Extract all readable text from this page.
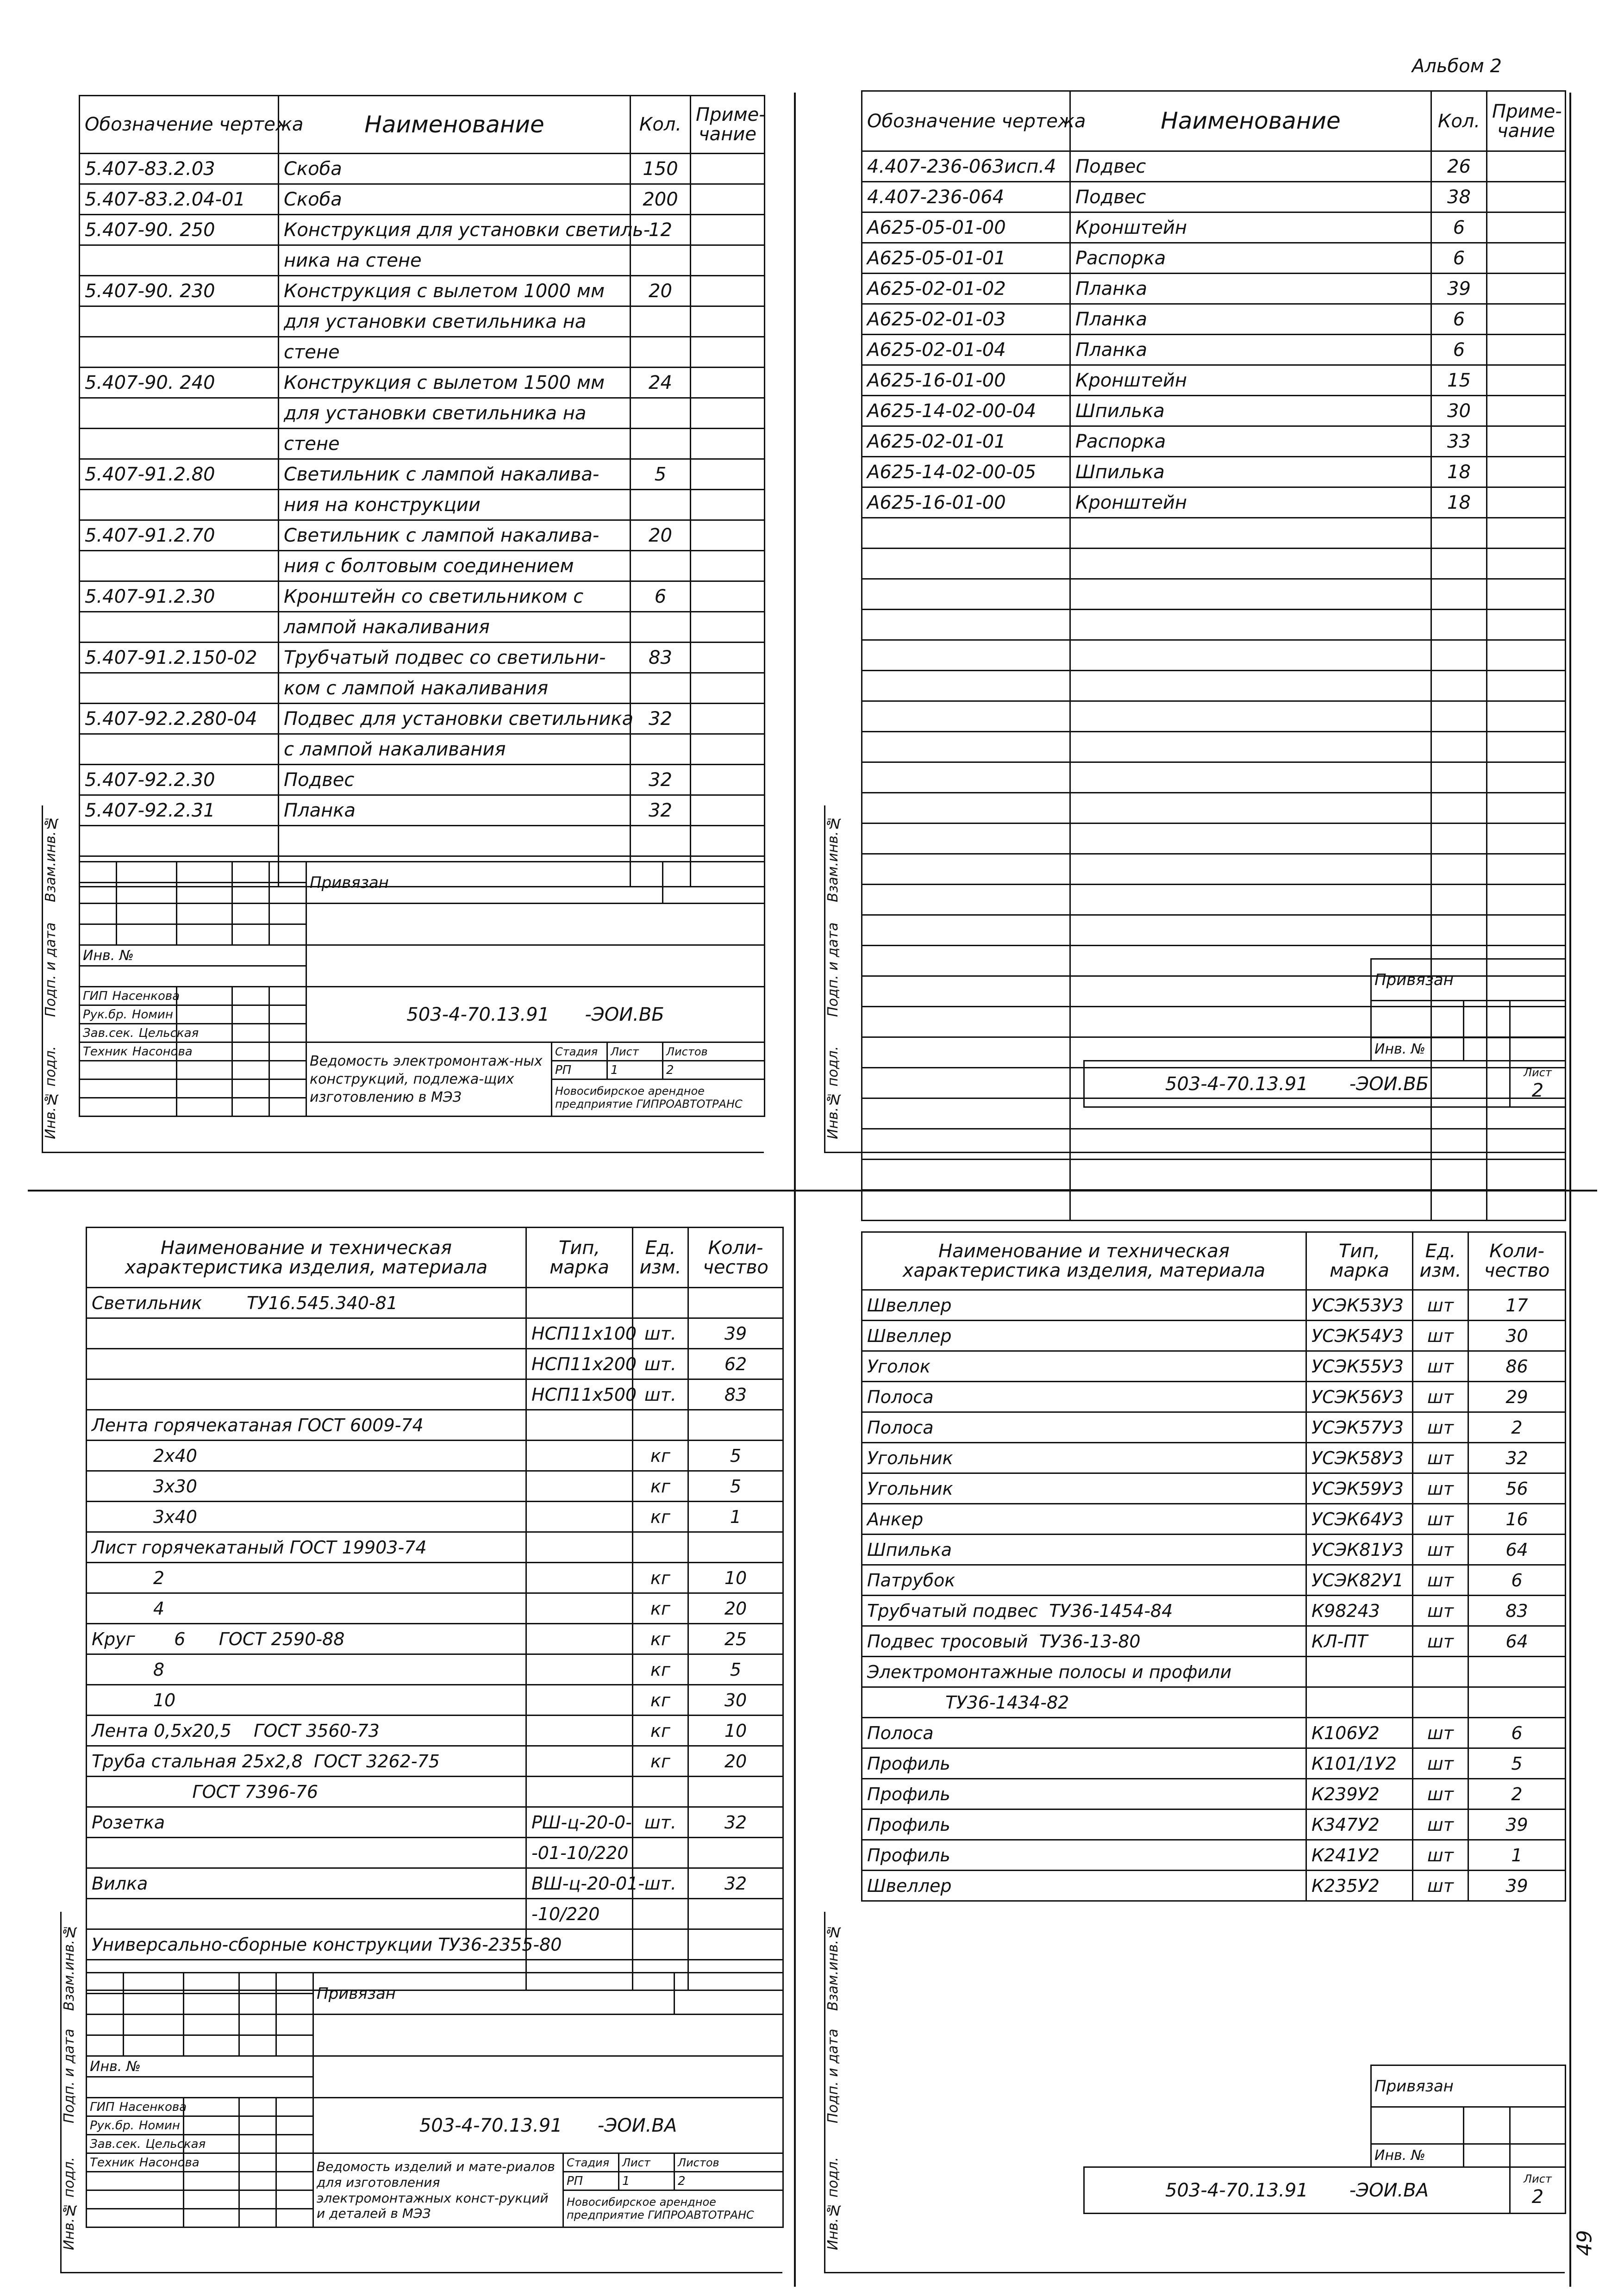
Альбом 2
49
Взам.инв.№
Подп. и дата
Инв.№ подл.
Обозначение чертежа	Наименование	Кол.	Приме-чание
5.407-83.2.03	Скоба	150	
5.407-83.2.04-01	Скоба	200	
5.407-90. 250	Конструкция для установки светиль-	12	
	ника на стене		
5.407-90. 230	Конструкция с вылетом 1000 мм	20	
	для установки светильника на		
	стене		
5.407-90. 240	Конструкция с вылетом 1500 мм	24	
	для установки светильника на		
	стене		
5.407-91.2.80	Светильник с лампой накалива-	5	
	ния на конструкции		
5.407-91.2.70	Светильник с лампой накалива-	20	
	ния с болтовым соединением		
5.407-91.2.30	Кронштейн со светильником с	6	
	лампой накаливания		
5.407-91.2.150-02	Трубчатый подвес со светильни-	83	
	ком с лампой накаливания		
5.407-92.2.280-04	Подвес для установки светильника	32	
	с лампой накаливания		
5.407-92.2.30	Подвес	32	
5.407-92.2.31	Планка	32	

					Привязан			

Инв. №								

ГИП Насенкова					503-4-70.13.91 -ЭОИ.ВБ			
Рук.бр. Номин								
Зав.сек. Цельская								
Техник Насонова					Ведомость электромонтаж-ных конструкций, подлежа-щих изготовлению в МЭЗ	Стадия	Лист	Листов
						РП	1	2
						Новосибирское арендное предприятие ГИПРОАВТОТРАНС		

Взам.инв.№
Подп. и дата
Инв.№ подл.
Обозначение чертежа	Наименование	Кол.	Приме-чание
4.407-236-063исп.4	Подвес	26	
4.407-236-064	Подвес	38	
А625-05-01-00	Кронштейн	6	
А625-05-01-01	Распорка	6	
А625-02-01-02	Планка	39	
А625-02-01-03	Планка	6	
А625-02-01-04	Планка	6	
А625-16-01-00	Кронштейн	15	
А625-14-02-00-04	Шпилька	30	
А625-02-01-01	Распорка	33	
А625-14-02-00-05	Шпилька	18	
А625-16-01-00	Кронштейн	18	

	Привязан		

	Инв. №		
503-4-70.13.91 -ЭОИ.ВБ			Лист
2
Взам.инв.№
Подп. и дата
Инв.№ подл.
Наименование и техническая характеристика изделия, материала	Тип, марка	Ед. изм.	Коли-чество
Светильник        ТУ16.545.340-81			
	НСП11х100	шт.	39
	НСП11х200	шт.	62
	НСП11х500	шт.	83
Лента горячекатаная ГОСТ 6009-74			
2х40		кг	5
3х30		кг	5
3х40		кг	1
Лист горячекатаный ГОСТ 19903-74			
2		кг	10
4		кг	20
Круг       6      ГОСТ 2590-88		кг	25
8		кг	5
10		кг	30
Лента 0,5х20,5    ГОСТ 3560-73		кг	10
Труба стальная 25х2,8  ГОСТ 3262-75		кг	20
ГОСТ 7396-76			
Розетка	РШ-ц-20-0-	шт.	32
	-01-10/220		
Вилка	ВШ-ц-20-01-	шт.	32
	-10/220		
Универсально-сборные конструкции ТУ36-2355-80			

					Привязан			

Инв. №								

ГИП Насенкова					503-4-70.13.91 -ЭОИ.ВА			
Рук.бр. Номин								
Зав.сек. Цельская								
Техник Насонова					Ведомость изделий и мате-риалов для изготовления электромонтажных конст-рукций и деталей в МЭЗ	Стадия	Лист	Листов
						РП	1	2
						Новосибирское арендное предприятие ГИПРОАВТОТРАНС		

Взам.инв.№
Подп. и дата
Инв.№ подл.
Наименование и техническая характеристика изделия, материала	Тип, марка	Ед. изм.	Коли-чество
Швеллер	УСЭК53У3	шт	17
Швеллер	УСЭК54У3	шт	30
Уголок	УСЭК55У3	шт	86
Полоса	УСЭК56У3	шт	29
Полоса	УСЭК57У3	шт	2
Угольник	УСЭК58У3	шт	32
Угольник	УСЭК59У3	шт	56
Анкер	УСЭК64У3	шт	16
Шпилька	УСЭК81У3	шт	64
Патрубок	УСЭК82У1	шт	6
Трубчатый подвес  ТУ36-1454-84	К98243	шт	83
Подвес тросовый  ТУ36-13-80	КЛ-ПТ	шт	64
Электромонтажные полосы и профили			
ТУ36-1434-82			
Полоса	К106У2	шт	6
Профиль	К101/1У2	шт	5
Профиль	К239У2	шт	2
Профиль	К347У2	шт	39
Профиль	К241У2	шт	1
Швеллер	К235У2	шт	39
	Привязан		

	Инв. №		
503-4-70.13.91 -ЭОИ.ВА			Лист
2
